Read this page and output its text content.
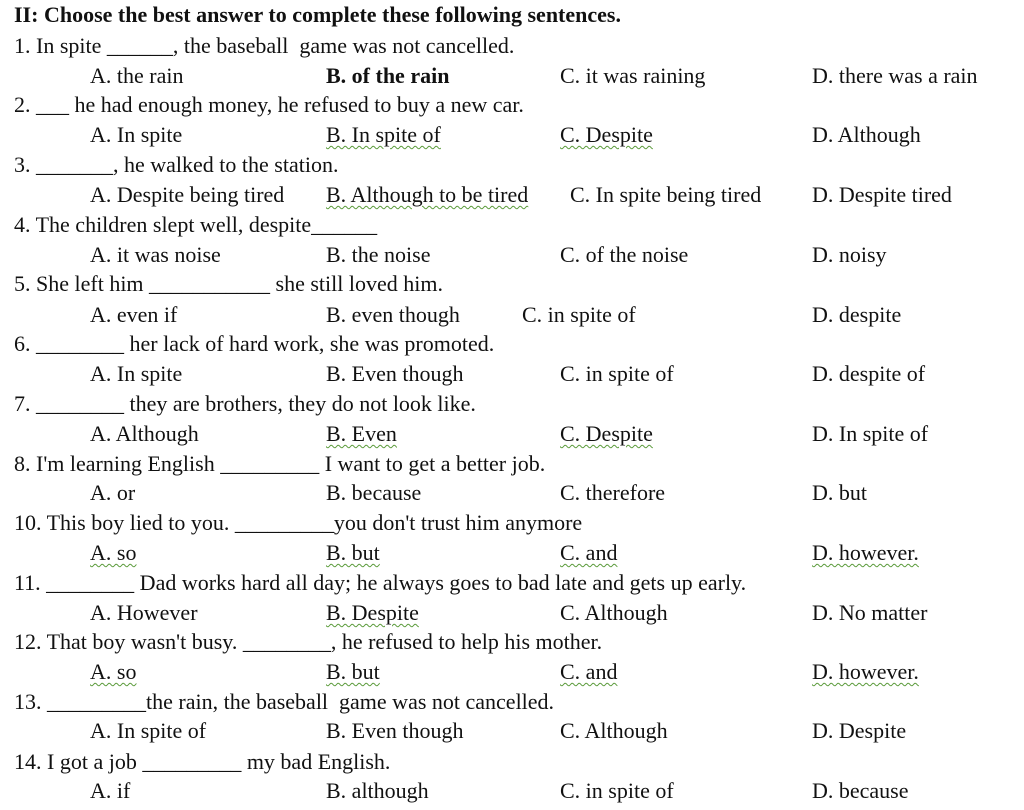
II: Choose the best answer to complete these following sentences.
1. In spite ______, the baseball  game was not cancelled.
A. the rain	B. of the rain	C. it was raining	D. there was a rain
2. ___ he had enough money, he refused to buy a new car.
A. In spite	B. In spite of	C. Despite	D. Although
3. _______, he walked to the station.
A. Despite being tired B. Although to be tired C. In spite being tired D. Despite tired
4. The children slept well, despite______
A. it was noise	B. the noise	C. of the noise	D. noisy
5. She left him ___________ she still loved him.
A. even if	B. even though	C. in spite of	D. despite
6. ________ her lack of hard work, she was promoted.
A. In spite	B. Even though	C. in spite of	D. despite of
7. ________ they are brothers, they do not look like.
A. Although	B. Even	C. Despite	D. In spite of
8. I'm learning English _________ I want to get a better job.
A. or	B. because	C. therefore	D. but
10. This boy lied to you. _________you don't trust him anymore
A. so	B. but	C. and	D. however.
11. ________ Dad works hard all day; he always goes to bad late and gets up early.
A. However	B. Despite	C. Although	D. No matter
12. That boy wasn't busy. ________, he refused to help his mother.
A. so	B. but	C. and	D. however.
13. _________the rain, the baseball  game was not cancelled.
A. In spite of	B. Even though	C. Although	D. Despite
14. I got a job _________ my bad English.
A. if	B. although	C. in spite of	D. because
